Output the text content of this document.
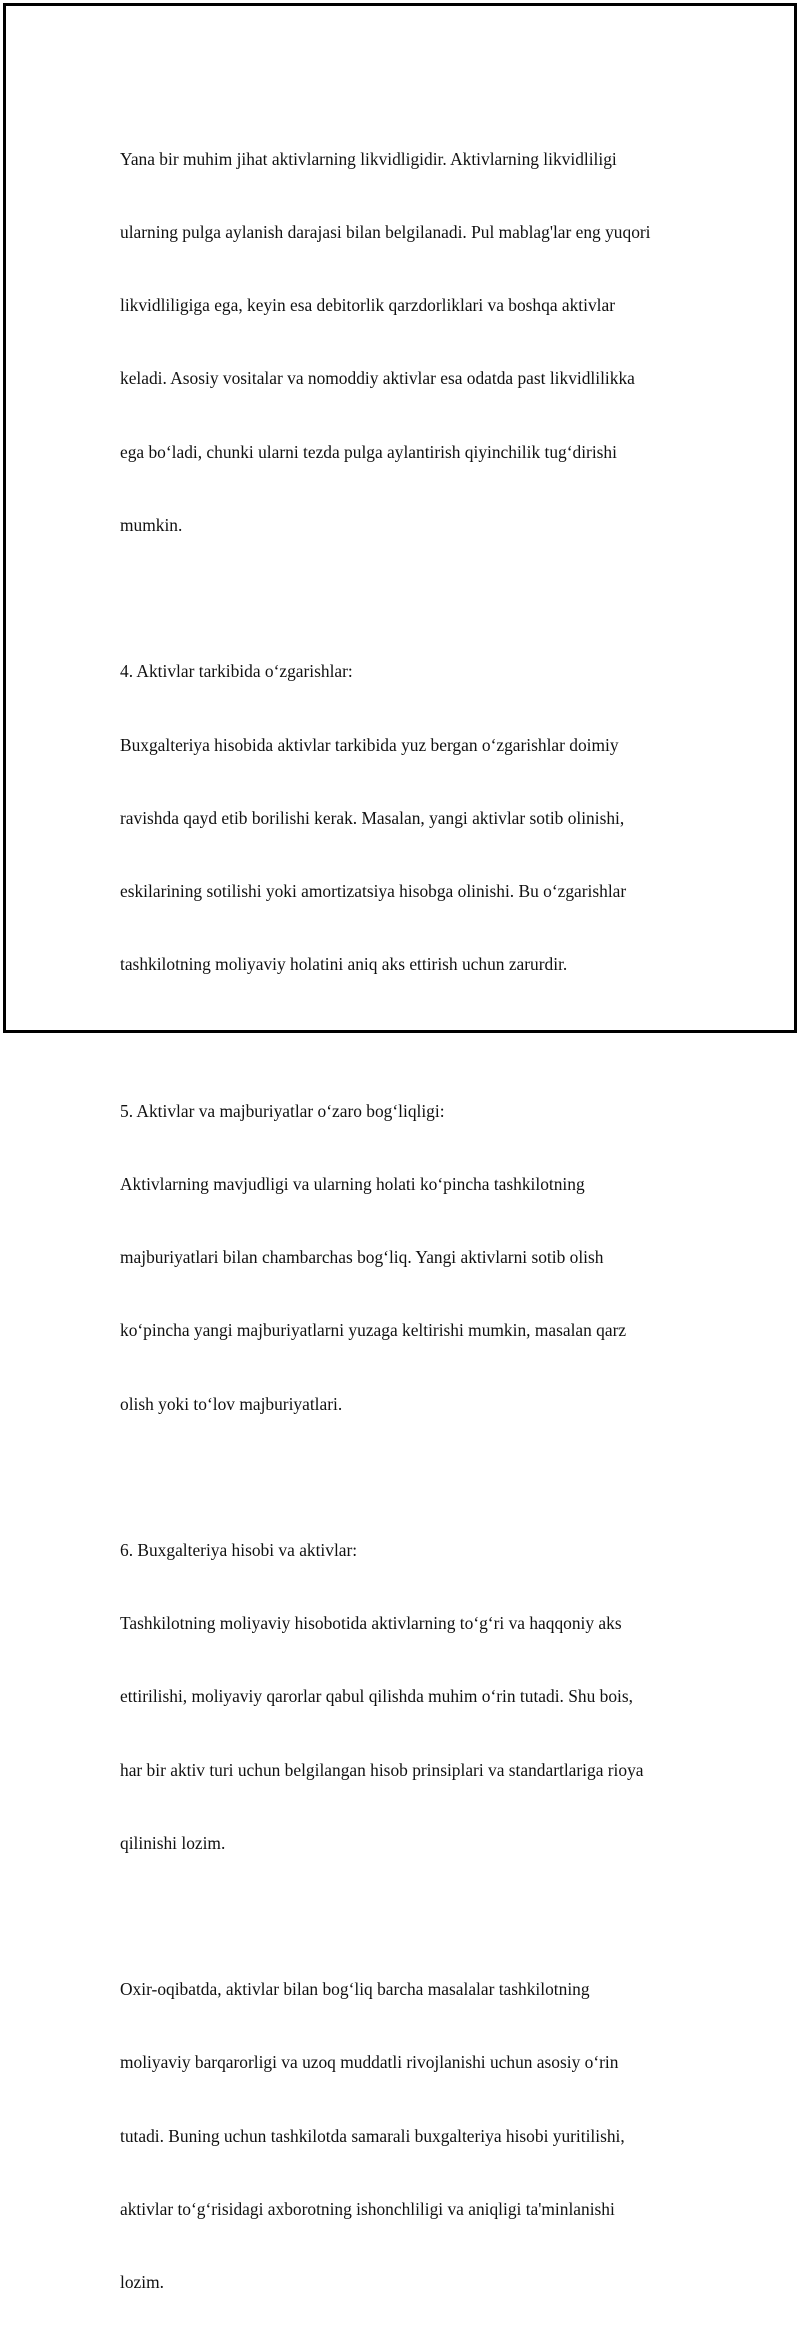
Yana bir muhim jihat aktivlarning likvidligidir. Aktivlarning likvidliligi

ularning pulga aylanish darajasi bilan belgilanadi. Pul mablag'lar eng yuqori

likvidliligiga ega, keyin esa debitorlik qarzdorliklari va boshqa aktivlar

keladi. Asosiy vositalar va nomoddiy aktivlar esa odatda past likvidlilikka

ega bo‘ladi, chunki ularni tezda pulga aylantirish qiyinchilik tug‘dirishi

mumkin.

4. Aktivlar tarkibida o‘zgarishlar:

Buxgalteriya hisobida aktivlar tarkibida yuz bergan o‘zgarishlar doimiy

ravishda qayd etib borilishi kerak. Masalan, yangi aktivlar sotib olinishi,

eskilarining sotilishi yoki amortizatsiya hisobga olinishi. Bu o‘zgarishlar

tashkilotning moliyaviy holatini aniq aks ettirish uchun zarurdir.

5. Aktivlar va majburiyatlar o‘zaro bog‘liqligi:

Aktivlarning mavjudligi va ularning holati ko‘pincha tashkilotning

majburiyatlari bilan chambarchas bog‘liq. Yangi aktivlarni sotib olish

ko‘pincha yangi majburiyatlarni yuzaga keltirishi mumkin, masalan qarz

olish yoki to‘lov majburiyatlari.

6. Buxgalteriya hisobi va aktivlar:

Tashkilotning moliyaviy hisobotida aktivlarning to‘g‘ri va haqqoniy aks

ettirilishi, moliyaviy qarorlar qabul qilishda muhim o‘rin tutadi. Shu bois,

har bir aktiv turi uchun belgilangan hisob prinsiplari va standartlariga rioya

qilinishi lozim.

Oxir-oqibatda, aktivlar bilan bog‘liq barcha masalalar tashkilotning

moliyaviy barqarorligi va uzoq muddatli rivojlanishi uchun asosiy o‘rin

tutadi. Buning uchun tashkilotda samarali buxgalteriya hisobi yuritilishi,

aktivlar to‘g‘risidagi axborotning ishonchliligi va aniqligi ta'minlanishi

lozim.
